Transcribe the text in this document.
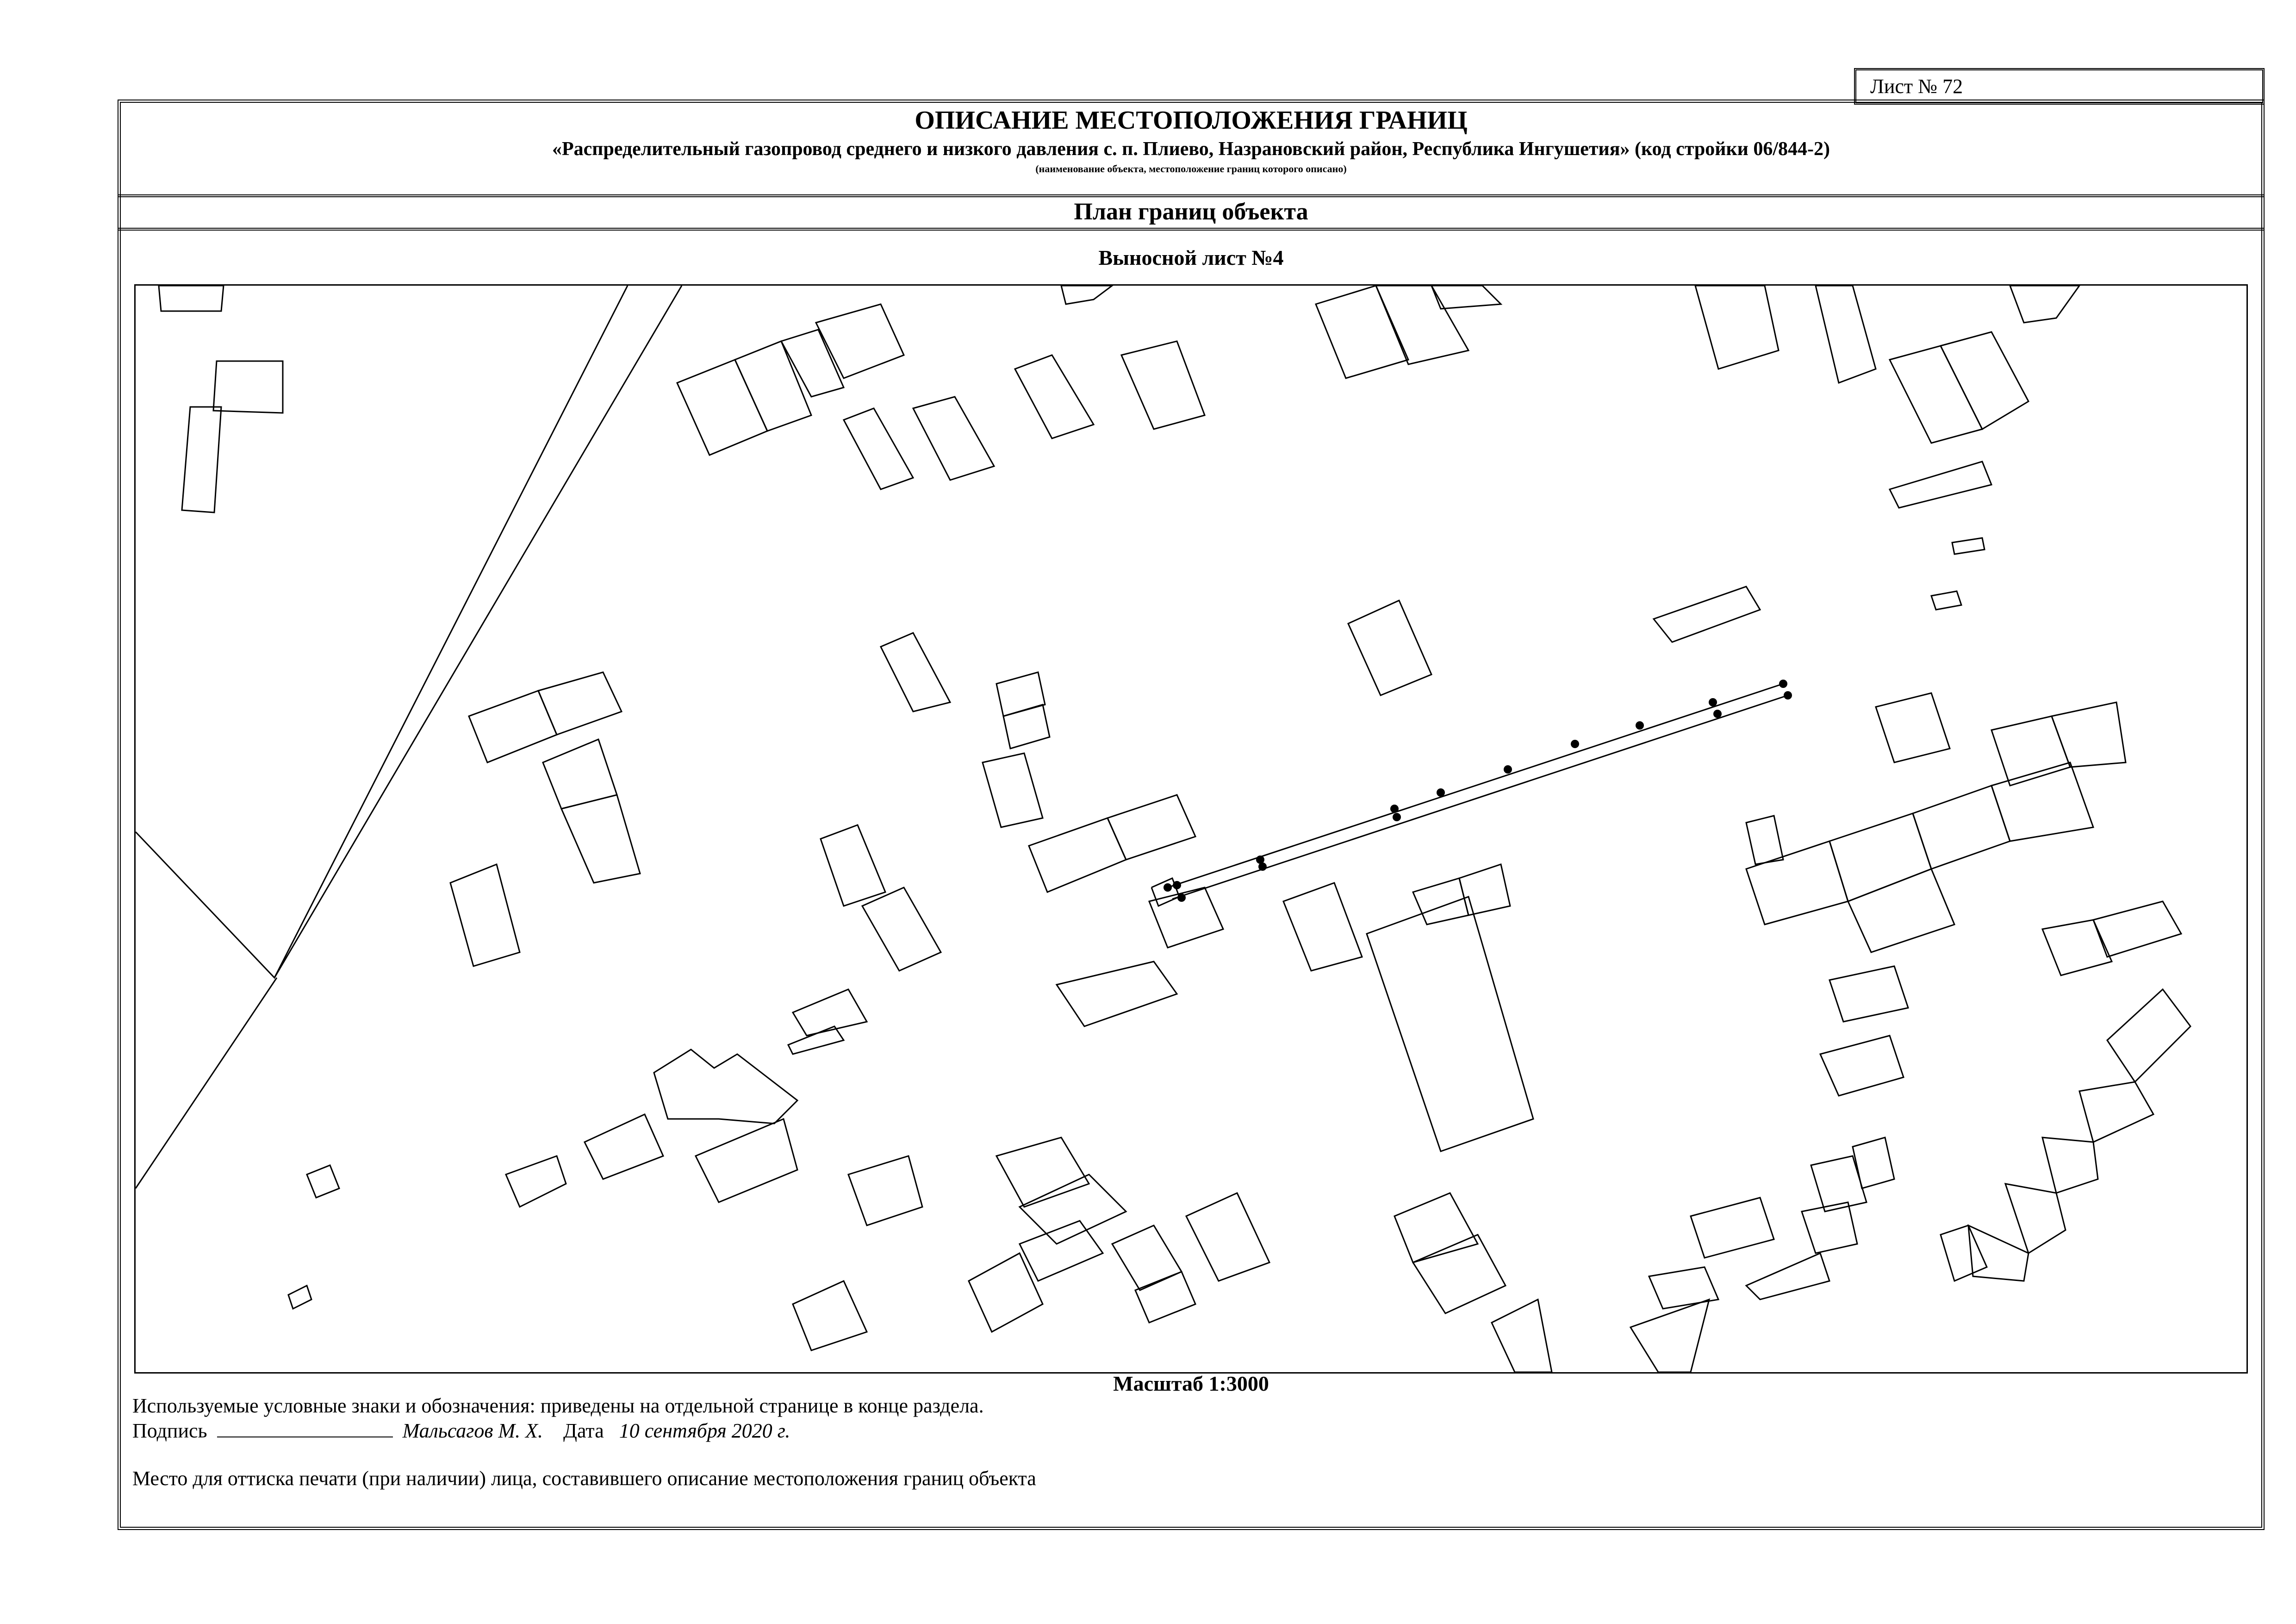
Лист № 72
ОПИСАНИЕ МЕСТОПОЛОЖЕНИЯ ГРАНИЦ
«Распределительный газопровод среднего и низкого давления с. п. Плиево, Назрановский район, Республика Ингушетия» (код стройки 06/844-2)
(наименование объекта, местоположение границ которого описано)
План границ объекта
Выносной лист №4
Масштаб 1:3000
Используемые условные знаки и обозначения: приведены на отдельной странице в конце раздела.
Подпись	Мальсагов М. Х. Дата 10 сентября 2020 г.
Место для оттиска печати (при наличии) лица, составившего описание местоположения границ объекта
